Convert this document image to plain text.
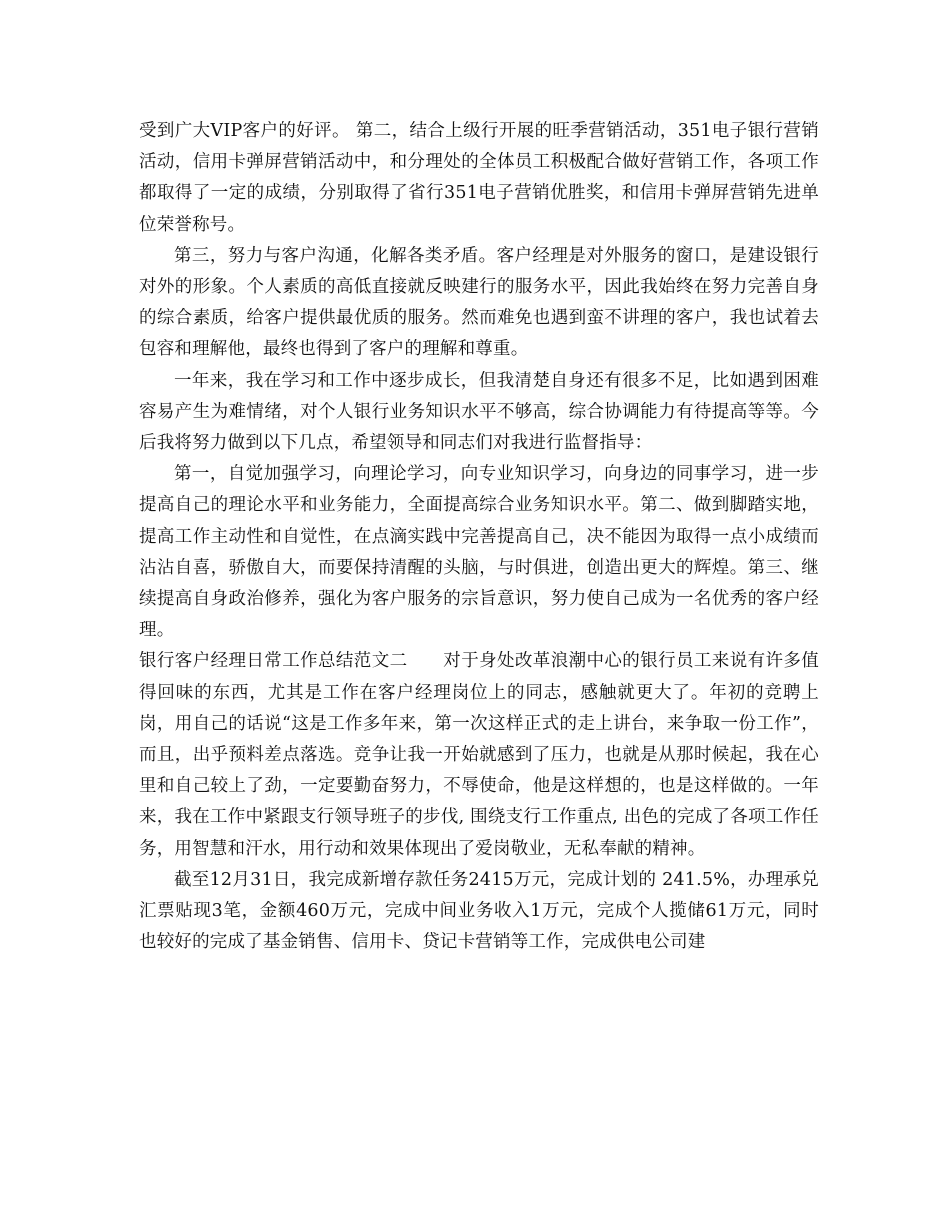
受到广大VIP客户的好评。 第二，结合上级行开展的旺季营销活动，351电子银行营销活动，信用卡弹屏营销活动中，和分理处的全体员工积极配合做好营销工作，各项工作都取得了一定的成绩，分别取得了省行351电子营销优胜奖，和信用卡弹屏营销先进单位荣誉称号。

第三，努力与客户沟通，化解各类矛盾。客户经理是对外服务的窗口，是建设银行对外的形象。个人素质的高低直接就反映建行的服务水平，因此我始终在努力完善自身的综合素质，给客户提供最优质的服务。然而难免也遇到蛮不讲理的客户，我也试着去包容和理解他，最终也得到了客户的理解和尊重。

一年来，我在学习和工作中逐步成长，但我清楚自身还有很多不足，比如遇到困难容易产生为难情绪，对个人银行业务知识水平不够高，综合协调能力有待提高等等。今后我将努力做到以下几点，希望领导和同志们对我进行监督指导：

第一，自觉加强学习，向理论学习，向专业知识学习，向身边的同事学习，进一步提高自己的理论水平和业务能力，全面提高综合业务知识水平。第二、做到脚踏实地，提高工作主动性和自觉性，在点滴实践中完善提高自己，决不能因为取得一点小成绩而沾沾自喜，骄傲自大，而要保持清醒的头脑，与时俱进，创造出更大的辉煌。第三、继续提高自身政治修养，强化为客户服务的宗旨意识，努力使自己成为一名优秀的客户经理。

银行客户经理日常工作总结范文二　　对于身处改革浪潮中心的银行员工来说有许多值得回味的东西，尤其是工作在客户经理岗位上的同志，感触就更大了。年初的竞聘上岗，用自己的话说“这是工作多年来，第一次这样正式的走上讲台，来争取一份工作”，而且，出乎预料差点落选。竞争让我一开始就感到了压力，也就是从那时候起，我在心里和自己较上了劲，一定要勤奋努力，不辱使命，他是这样想的，也是这样做的。一年来，我在工作中紧跟支行领导班子的步伐, 围绕支行工作重点, 出色的完成了各项工作任务，用智慧和汗水，用行动和效果体现出了爱岗敬业，无私奉献的精神。

截至12月31日，我完成新增存款任务2415万元，完成计划的 241.5%，办理承兑汇票贴现3笔，金额460万元，完成中间业务收入1万元，完成个人揽储61万元，同时也较好的完成了基金销售、信用卡、贷记卡营销等工作，完成供电公司建
